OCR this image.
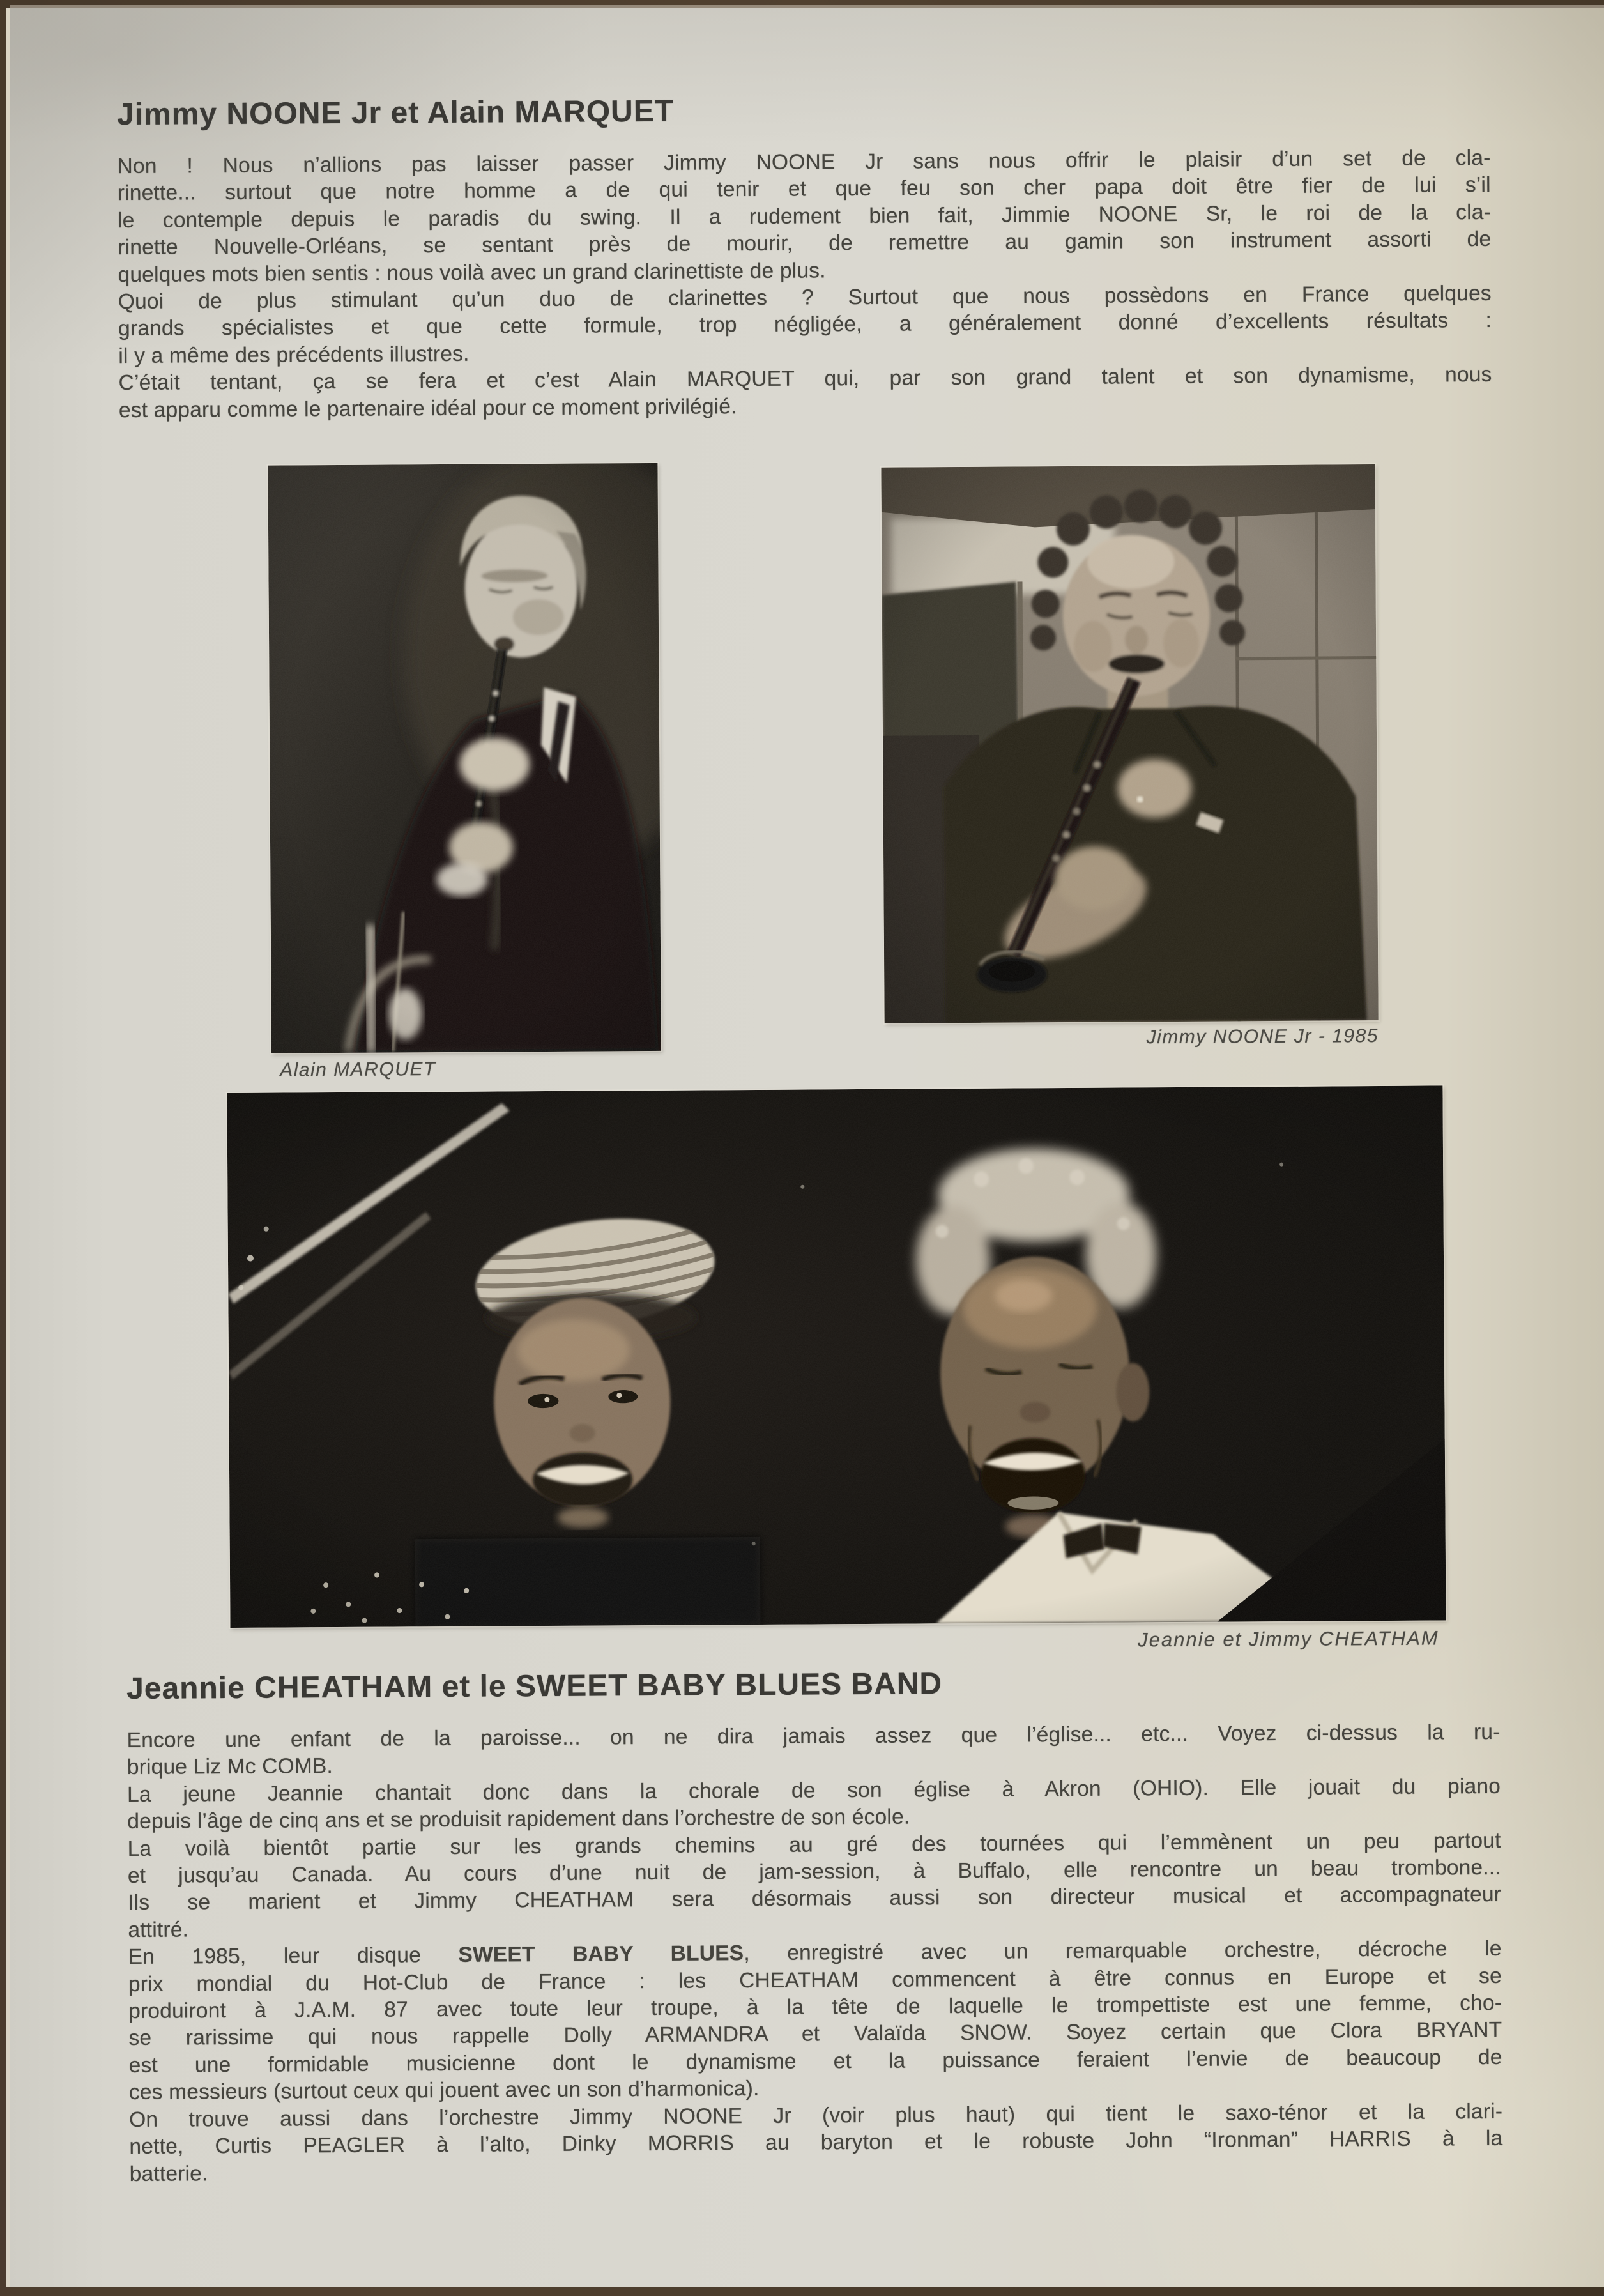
Jimmy NOONE Jr et Alain MARQUET
Non ! Nous n’allions pas laisser passer Jimmy NOONE Jr sans nous offrir le plaisir d’un set de cla-
rinette... surtout que notre homme a de qui tenir et que feu son cher papa doit être fier de lui s’il
le contemple depuis le paradis du swing. Il a rudement bien fait, Jimmie NOONE Sr, le roi de la cla-
rinette Nouvelle-Orléans, se sentant près de mourir, de remettre au gamin son instrument assorti de
quelques mots bien sentis : nous voilà avec un grand clarinettiste de plus.
Quoi de plus stimulant qu’un duo de clarinettes ? Surtout que nous possèdons en France quelques
grands spécialistes et que cette formule, trop négligée, a généralement donné d’excellents résultats :
il y a même des précédents illustres.
C’était tentant, ça se fera et c’est Alain MARQUET qui, par son grand talent et son dynamisme, nous
est apparu comme le partenaire idéal pour ce moment privilégié.
Alain MARQUET
Jimmy NOONE Jr - 1985
Jeannie et Jimmy CHEATHAM
Jeannie CHEATHAM et le SWEET BABY BLUES BAND
Encore une enfant de la paroisse... on ne dira jamais assez que l’église... etc... Voyez ci-dessus la ru-
brique Liz Mc COMB.
La jeune Jeannie chantait donc dans la chorale de son église à Akron (OHIO). Elle jouait du piano
depuis l’âge de cinq ans et se produisit rapidement dans l’orchestre de son école.
La voilà bientôt partie sur les grands chemins au gré des tournées qui l’emmènent un peu partout
et jusqu’au Canada. Au cours d’une nuit de jam-session, à Buffalo, elle rencontre un beau trombone...
Ils se marient et Jimmy CHEATHAM sera désormais aussi son directeur musical et accompagnateur
attitré.
En 1985, leur disque SWEET BABY BLUES, enregistré avec un remarquable orchestre, décroche le
prix mondial du Hot-Club de France : les CHEATHAM commencent à être connus en Europe et se
produiront à J.A.M. 87 avec toute leur troupe, à la tête de laquelle le trompettiste est une femme, cho-
se rarissime qui nous rappelle Dolly ARMANDRA et Valaïda SNOW. Soyez certain que Clora BRYANT
est une formidable musicienne dont le dynamisme et la puissance feraient l’envie de beaucoup de
ces messieurs (surtout ceux qui jouent avec un son d’harmonica).
On trouve aussi dans l’orchestre Jimmy NOONE Jr (voir plus haut) qui tient le saxo-ténor et la clari-
nette, Curtis PEAGLER à l’alto, Dinky MORRIS au baryton et le robuste John “Ironman” HARRIS à la
batterie.
